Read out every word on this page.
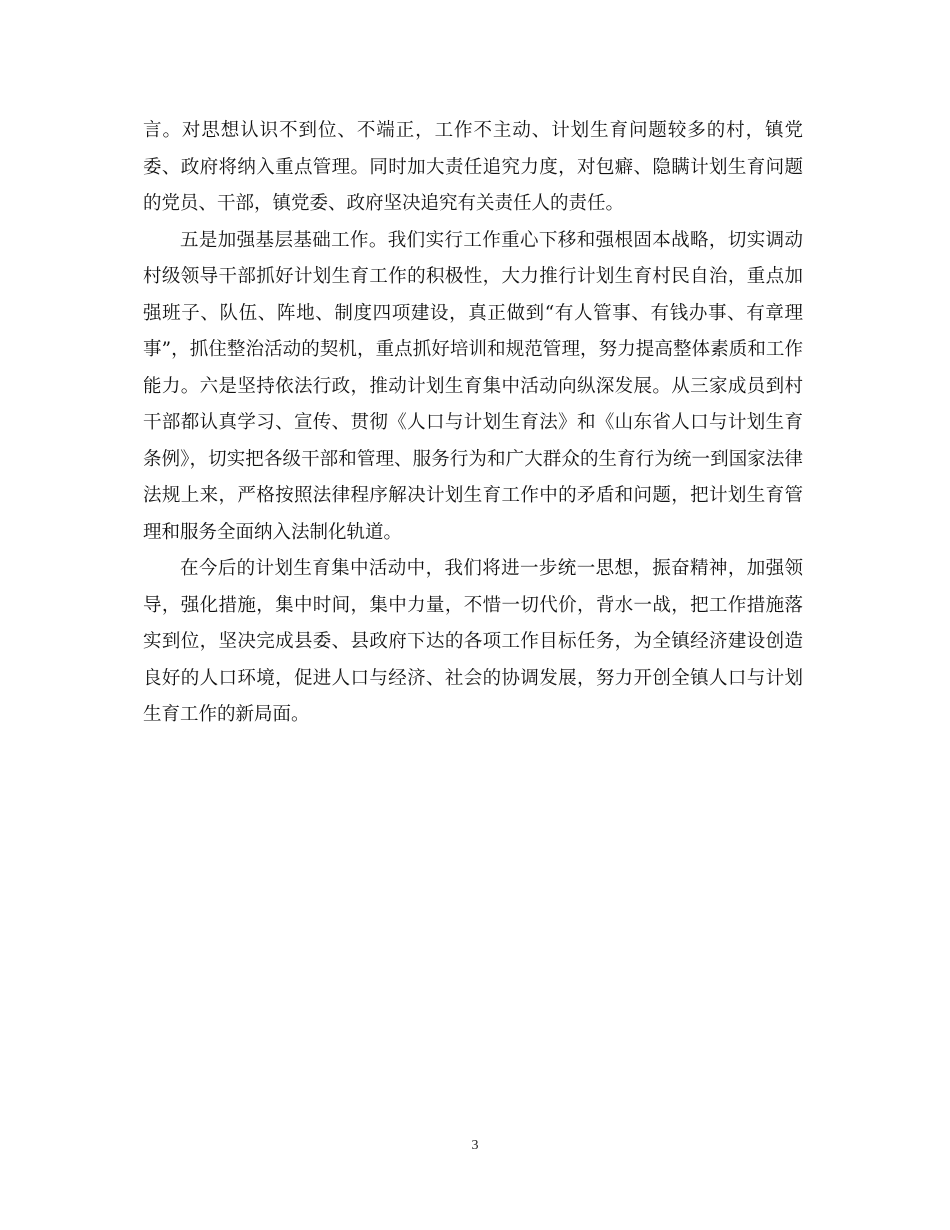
言。对思想认识不到位、不端正，工作不主动、计划生育问题较多的村，镇党委、政府将纳入重点管理。同时加大责任追究力度，对包癖、隐瞒计划生育问题的党员、干部，镇党委、政府坚决追究有关责任人的责任。

五是加强基层基础工作。我们实行工作重心下移和强根固本战略，切实调动村级领导干部抓好计划生育工作的积极性，大力推行计划生育村民自治，重点加强班子、队伍、阵地、制度四项建设，真正做到“有人管事、有钱办事、有章理事”，抓住整治活动的契机，重点抓好培训和规范管理，努力提高整体素质和工作能力。六是坚持依法行政，推动计划生育集中活动向纵深发展。从三家成员到村干部都认真学习、宣传、贯彻《人口与计划生育法》和《山东省人口与计划生育条例》，切实把各级干部和管理、服务行为和广大群众的生育行为统一到国家法律法规上来，严格按照法律程序解决计划生育工作中的矛盾和问题，把计划生育管理和服务全面纳入法制化轨道。

在今后的计划生育集中活动中，我们将进一步统一思想，振奋精神，加强领导，强化措施，集中时间，集中力量，不惜一切代价，背水一战，把工作措施落实到位，坚决完成县委、县政府下达的各项工作目标任务，为全镇经济建设创造良好的人口环境，促进人口与经济、社会的协调发展，努力开创全镇人口与计划生育工作的新局面。

3
